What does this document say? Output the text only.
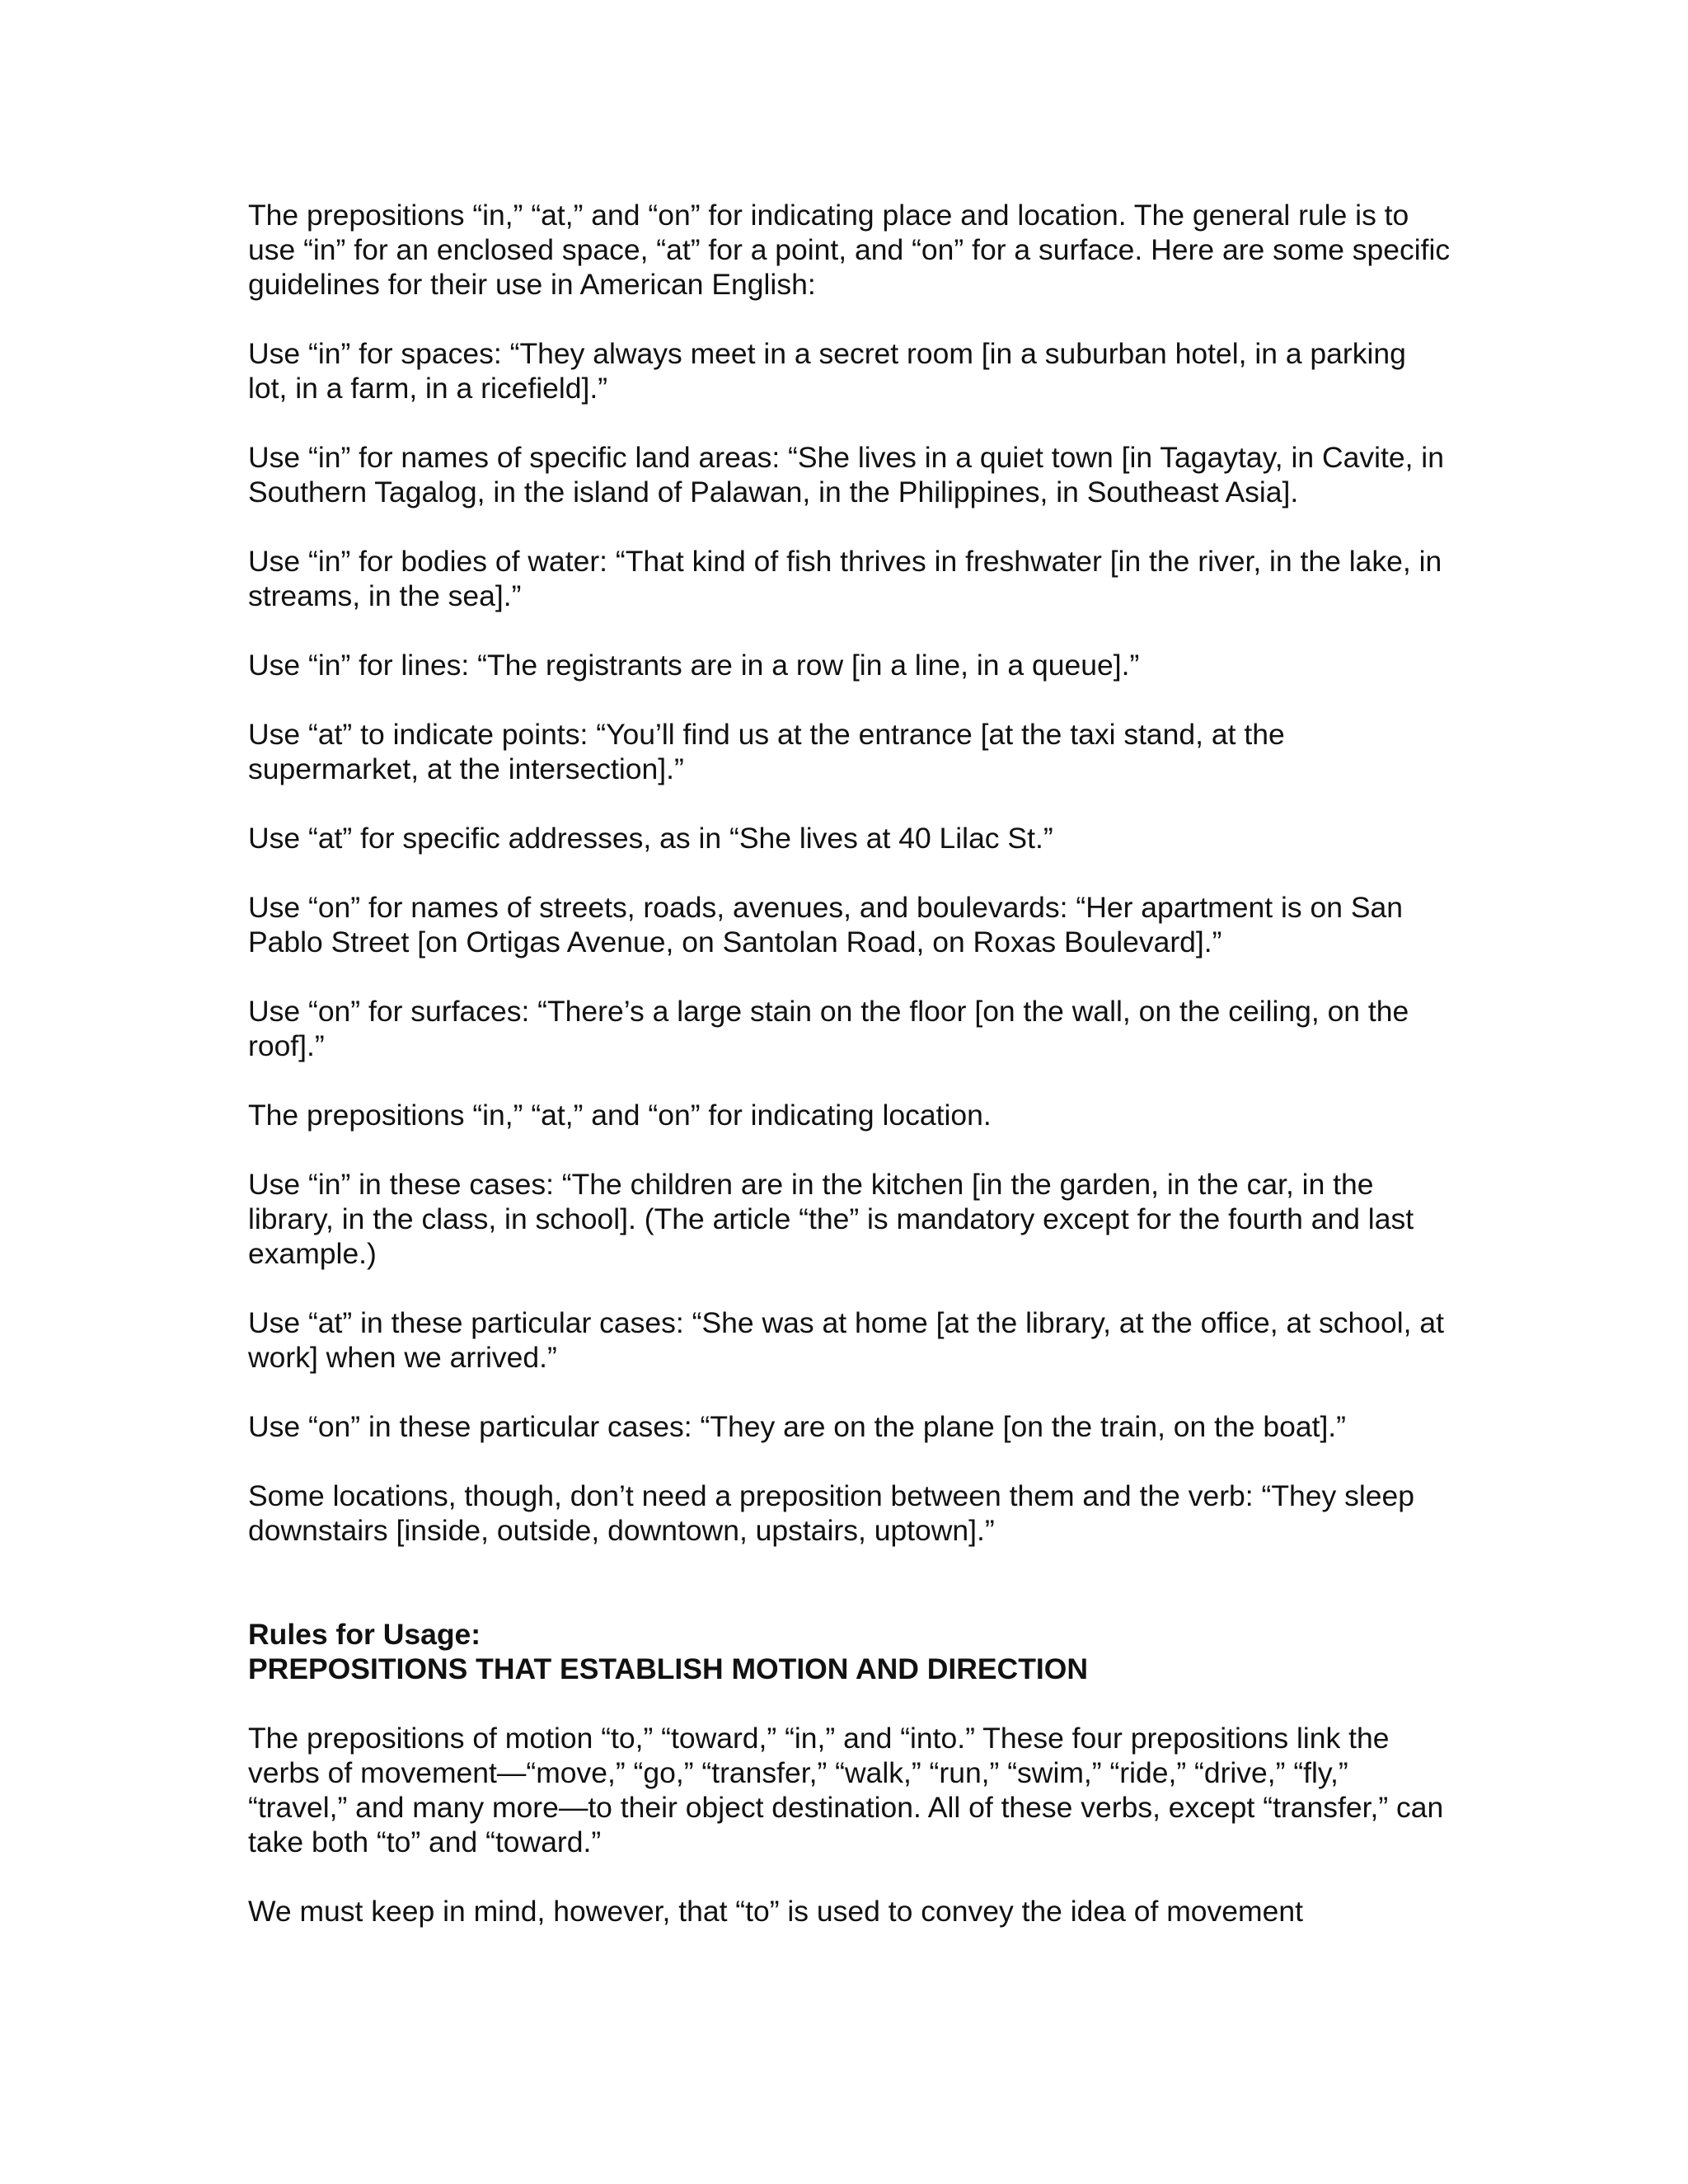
The prepositions “in,” “at,” and “on” for indicating place and location. The general rule is to use “in” for an enclosed space, “at” for a point, and “on” for a surface. Here are some specific guidelines for their use in American English:

Use “in” for spaces: “They always meet in a secret room [in a suburban hotel, in a parking lot, in a farm, in a ricefield].”

Use “in” for names of specific land areas: “She lives in a quiet town [in Tagaytay, in Cavite, in Southern Tagalog, in the island of Palawan, in the Philippines, in Southeast Asia].

Use “in” for bodies of water: “That kind of fish thrives in freshwater [in the river, in the lake, in streams, in the sea].”

Use “in” for lines: “The registrants are in a row [in a line, in a queue].”

Use “at” to indicate points: “You’ll find us at the entrance [at the taxi stand, at the supermarket, at the intersection].”

Use “at” for specific addresses, as in “She lives at 40 Lilac St.”

Use “on” for names of streets, roads, avenues, and boulevards: “Her apartment is on San Pablo Street [on Ortigas Avenue, on Santolan Road, on Roxas Boulevard].”

Use “on” for surfaces: “There’s a large stain on the floor [on the wall, on the ceiling, on the roof].”

The prepositions “in,” “at,” and “on” for indicating location.

Use “in” in these cases: “The children are in the kitchen [in the garden, in the car, in the library, in the class, in school]. (The article “the” is mandatory except for the fourth and last example.)

Use “at” in these particular cases: “She was at home [at the library, at the office, at school, at work] when we arrived.”

Use “on” in these particular cases: “They are on the plane [on the train, on the boat].”

Some locations, though, don’t need a preposition between them and the verb: “They sleep downstairs [inside, outside, downtown, upstairs, uptown].”

Rules for Usage:
PREPOSITIONS THAT ESTABLISH MOTION AND DIRECTION

The prepositions of motion “to,” “toward,” “in,” and “into.” These four prepositions link the verbs of movement—“move,” “go,” “transfer,” “walk,” “run,” “swim,” “ride,” “drive,” “fly,” “travel,” and many more—to their object destination. All of these verbs, except “transfer,” can take both “to” and “toward.”

We must keep in mind, however, that “to” is used to convey the idea of movement
